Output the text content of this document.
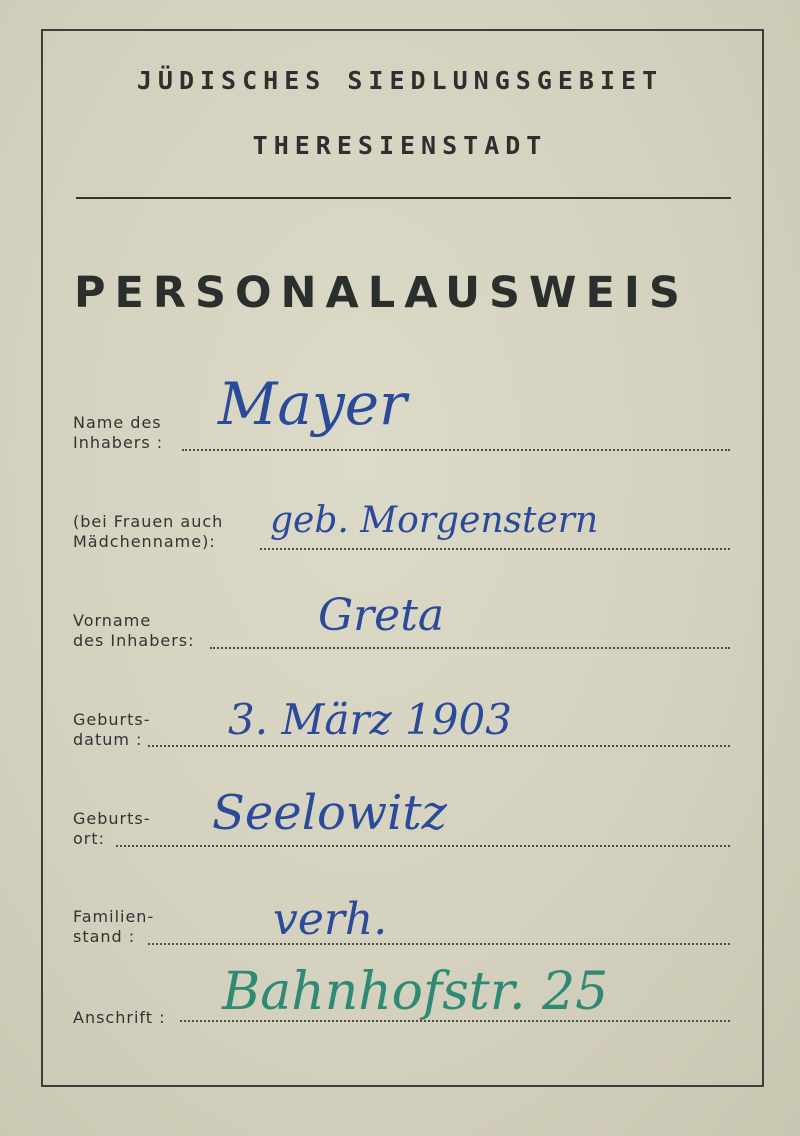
JÜDISCHES SIEDLUNGSGEBIET
THERESIENSTADT
PERSONALAUSWEIS
Name des
Inhabers :
Mayer
(bei Frauen auch
Mädchenname):
geb. Morgenstern
Vorname
des Inhabers:	Greta
Geburts-
datum : 3. März 1903
Geburts-
ort:	Seelowitz
Familien-
stand :	verh.
Anschrift : Bahnhofstr. 25
